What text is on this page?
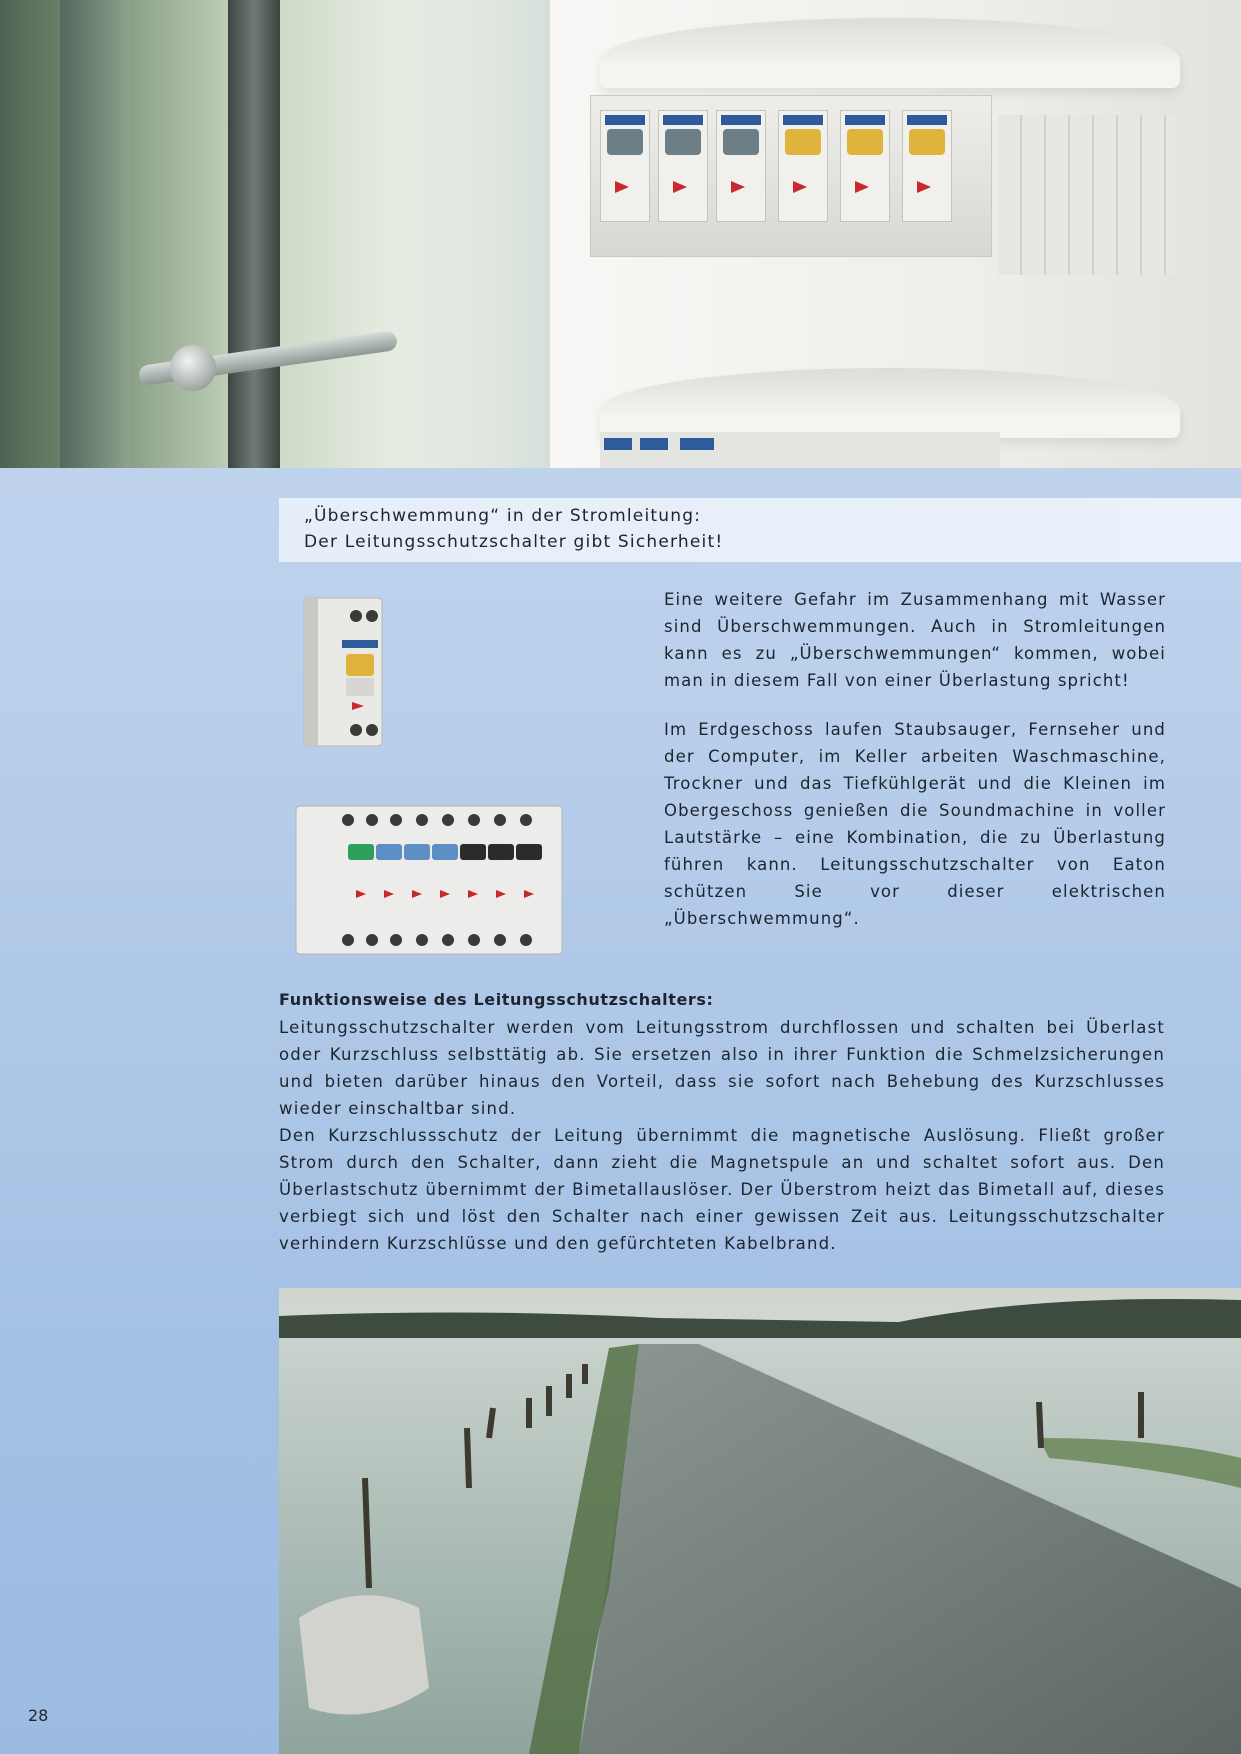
„Überschwemmung“ in der Stromleitung:
Der Leitungsschutzschalter gibt Sicherheit!

Eine weitere Gefahr im Zusammenhang mit Wasser sind Überschwemmungen. Auch in Stromleitungen kann es zu „Überschwemmungen“ kommen, wobei man in diesem Fall von einer Überlastung spricht!

Im Erdgeschoss laufen Staubsauger, Fernseher und der Computer, im Keller arbeiten Waschmaschine, Trockner und das Tiefkühlgerät und die Kleinen im Obergeschoss genießen die Soundmachine in voller Lautstärke – eine Kombination, die zu Überlastung führen kann. Leitungsschutzschalter von Eaton schützen Sie vor dieser elektrischen „Überschwemmung“.

Funktionsweise des Leitungsschutzschalters:

Leitungsschutzschalter werden vom Leitungsstrom durchflossen und schalten bei Überlast oder Kurzschluss selbsttätig ab. Sie ersetzen also in ihrer Funktion die Schmelzsicherungen und bieten darüber hinaus den Vorteil, dass sie sofort nach Behebung des Kurzschlusses wieder einschaltbar sind.

Den Kurzschlussschutz der Leitung übernimmt die magnetische Auslösung. Fließt großer Strom durch den Schalter, dann zieht die Magnetspule an und schaltet sofort aus. Den Überlastschutz übernimmt der Bimetallauslöser. Der Überstrom heizt das Bimetall auf, dieses verbiegt sich und löst den Schalter nach einer gewissen Zeit aus. Leitungsschutzschalter verhindern Kurzschlüsse und den gefürchteten Kabelbrand.

28
